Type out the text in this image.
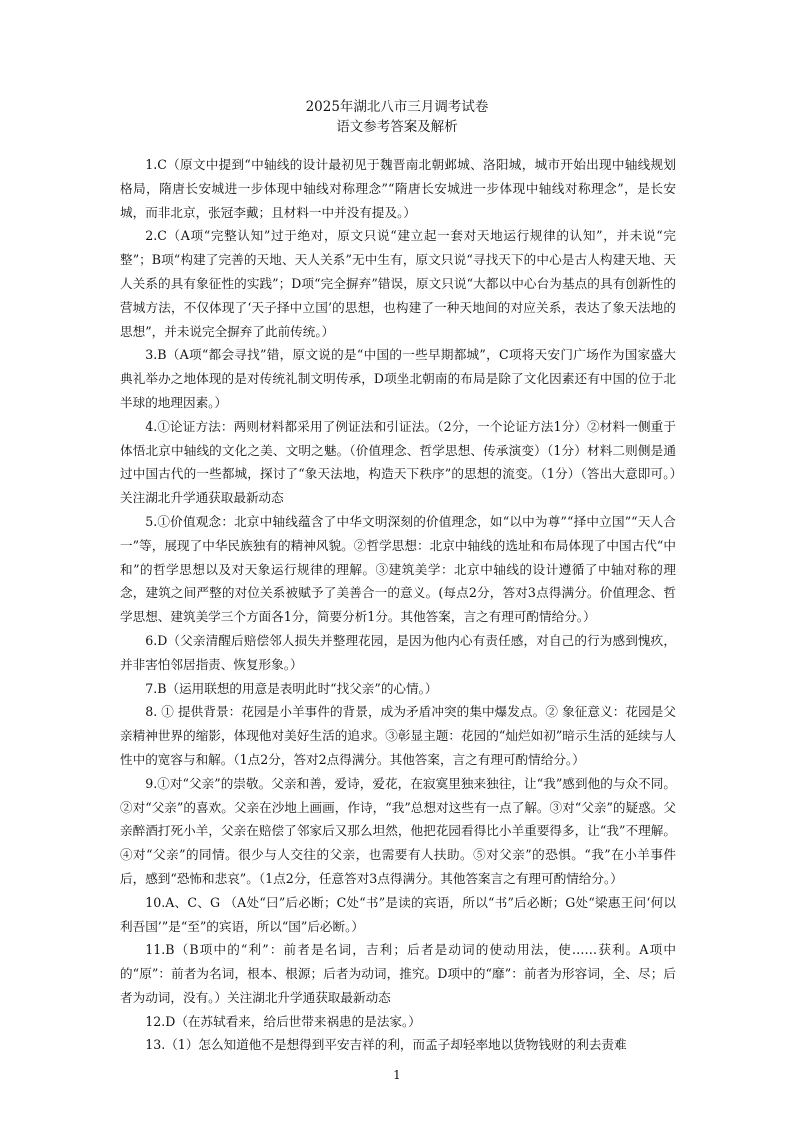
2025年湖北八市三月调考试卷
语文参考答案及解析

1.C（原文中提到“中轴线的设计最初见于魏晋南北朝邺城、洛阳城，城市开始出现中轴线规划格局，隋唐长安城进一步体现中轴线对称理念”“隋唐长安城进一步体现中轴线对称理念”，是长安城，而非北京，张冠李戴；且材料一中并没有提及。）

2.C（A项“完整认知”过于绝对，原文只说“建立起一套对天地运行规律的认知”，并未说“完整”；B项“构建了完善的天地、天人关系”无中生有，原文只说“寻找天下的中心是古人构建天地、天人关系的具有象征性的实践”；D项“完全摒弃”错误，原文只说“大都以中心台为基点的具有创新性的营城方法，不仅体现了‘天子择中立国’的思想，也构建了一种天地间的对应关系，表达了象天法地的思想”，并未说完全摒弃了此前传统。）

3.B（A项“都会寻找”错，原文说的是“中国的一些早期都城”，C项将天安门广场作为国家盛大典礼举办之地体现的是对传统礼制文明传承，D项坐北朝南的布局是除了文化因素还有中国的位于北半球的地理因素。）

4.①论证方法：两则材料都采用了例证法和引证法。（2分，一个论证方法1分）②材料一侧重于体悟北京中轴线的文化之美、文明之魅。（价值理念、哲学思想、传承演变）（1分）材料二则侧是通过中国古代的一些都城，探讨了“象天法地，构造天下秩序”的思想的流变。（1分）（答出大意即可。）关注湖北升学通获取最新动态

5.①价值观念：北京中轴线蕴含了中华文明深刻的价值理念，如“以中为尊”“择中立国”“天人合一”等，展现了中华民族独有的精神风貌。②哲学思想：北京中轴线的选址和布局体现了中国古代“中和”的哲学思想以及对天象运行规律的理解。③建筑美学：北京中轴线的设计遵循了中轴对称的理念，建筑之间严整的对位关系被赋予了美善合一的意义。(每点2分，答对3点得满分。价值理念、哲学思想、建筑美学三个方面各1分，简要分析1分。其他答案，言之有理可酌情给分。）

6.D（父亲清醒后赔偿邻人损失并整理花园，是因为他内心有责任感，对自己的行为感到愧疚，并非害怕邻居指责、恢复形象。）

7.B（运用联想的用意是表明此时“找父亲”的心情。）

8. ① 提供背景：花园是小羊事件的背景，成为矛盾冲突的集中爆发点。② 象征意义：花园是父亲精神世界的缩影，体现他对美好生活的追求。③彰显主题：花园的“灿烂如初”暗示生活的延续与人性中的宽容与和解。（1点2分，答对2点得满分。其他答案，言之有理可酌情给分。）

9.①对“父亲”的崇敬。父亲和善，爱诗，爱花，在寂寞里独来独往，让“我”感到他的与众不同。②对“父亲”的喜欢。父亲在沙地上画画，作诗，“我”总想对这些有一点了解。③对“父亲”的疑惑。父亲醉酒打死小羊，父亲在赔偿了邻家后又那么坦然，他把花园看得比小羊重要得多，让“我”不理解。④对“父亲”的同情。很少与人交往的父亲，也需要有人扶助。⑤对父亲”的恐惧。“我”在小羊事件后，感到“恐怖和悲哀”。（1点2分，任意答对3点得满分。其他答案言之有理可酌情给分。）

10.A、C、G （A处“曰”后必断；C处“书”是读的宾语，所以“书”后必断；G处“梁惠王问‘何以利吾国’”是“至”的宾语，所以“国”后必断。）

11.B（B项中的“利”：前者是名词，吉利；后者是动词的使动用法，使……获利。A项中的“原”：前者为名词，根本、根源；后者为动词，推究。D项中的“靡”：前者为形容词，全、尽；后者为动词，没有。）关注湖北升学通获取最新动态

12.D（在苏轼看来，给后世带来祸患的是法家。）

13.（1）怎么知道他不是想得到平安吉祥的利，而孟子却轻率地以货物钱财的利去责难

1
